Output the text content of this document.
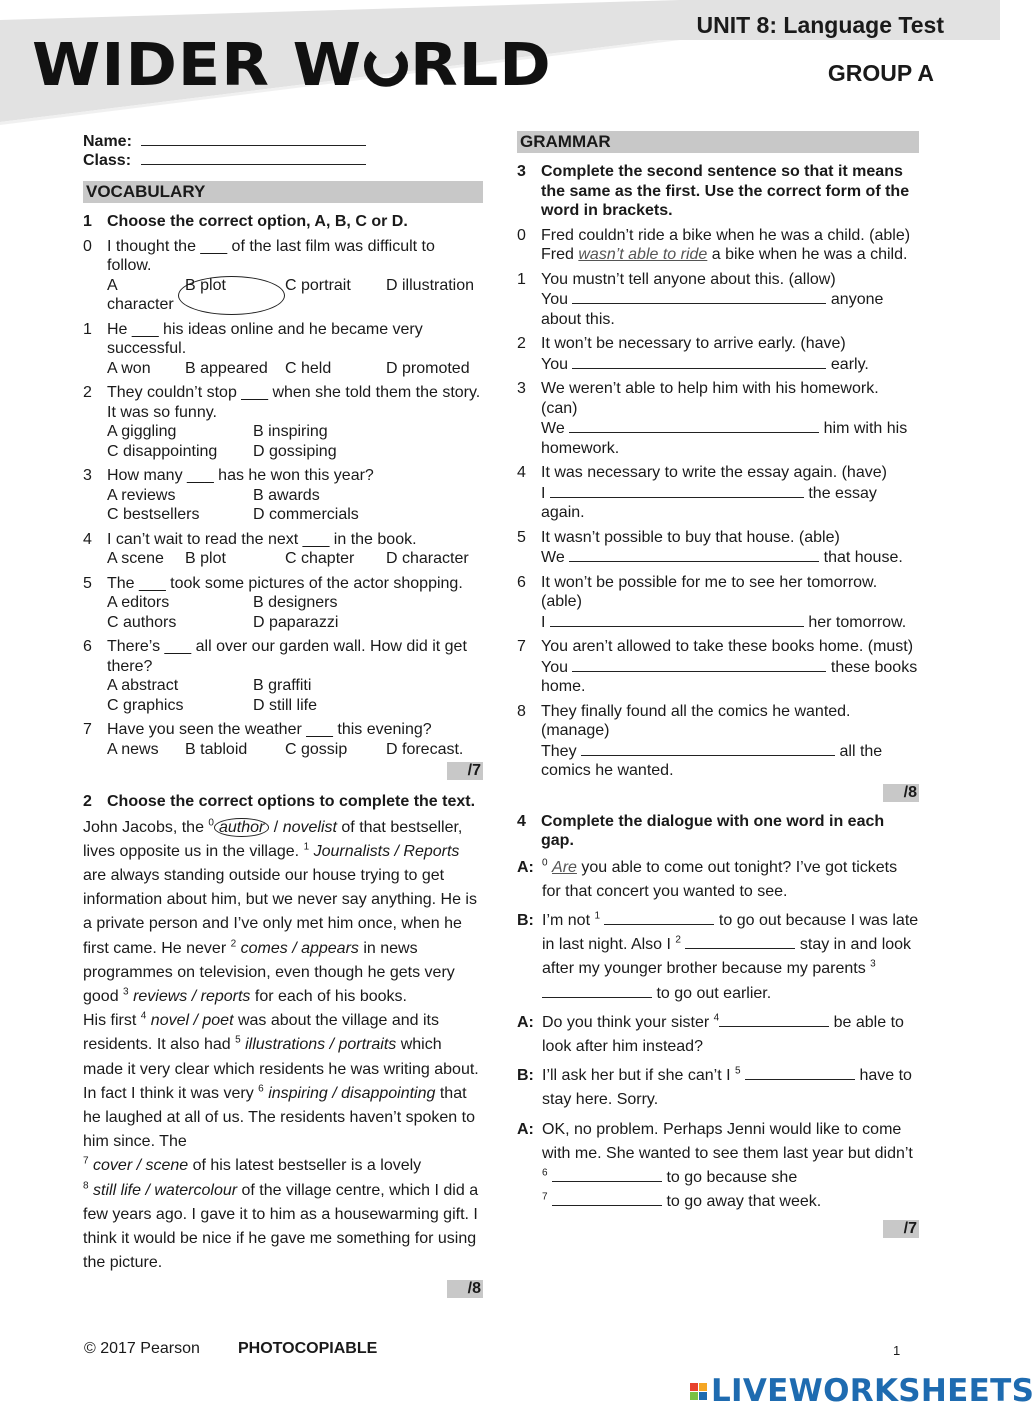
WIDER W RLD
UNIT 8: Language Test
GROUP A
Name:
Class:
VOCABULARY
1 Choose the correct option, A, B, C or D.
0 I thought the ___ of the last film was difficult to follow.
A character
B plot	C portrait	D illustration
1 He ___ his ideas online and he became very successful.
A won	B appeared	C held	D promoted
2 They couldn’t stop ___ when she told them the story. It was so funny.
A giggling	B inspiring
C disappointing	D gossiping
3 How many ___ has he won this year?
A reviews	B awards
C bestsellers	D commercials
4 I can’t wait to read the next ___ in the book.
A scene	B plot	C chapter	D character
5 The ___ took some pictures of the actor shopping.
A editors	B designers
C authors	D paparazzi
6 There’s ___ all over our garden wall. How did it get there?
A abstract	B graffiti
C graphics	D still life
7 Have you seen the weather ___ this evening?
A news	B tabloid	C gossip	D forecast.
/7
2 Choose the correct options to complete the text.
John Jacobs, the $^0$ author / novelist of that bestseller, lives opposite us in the village. $^1$ Journalists / Reports are always standing outside our house trying to get information about him, but we never say anything. He is a private person and I’ve only met him once, when he first came. He never $^2$ comes / appears in news programmes on television, even though he gets very good $^3$ reviews / reports for each of his books.
His first $^4$ novel / poet was about the village and its residents. It also had $^5$ illustrations / portraits which made it very clear which residents he was writing about. In fact I think it was very $^6$ inspiring / disappointing that he laughed at all of us. The residents haven’t spoken to him since. The
$^7$ cover / scene of his latest bestseller is a lovely
$^8$ still life / watercolour of the village centre, which I did a few years ago. I gave it to him as a housewarming gift. I think it would be nice if he gave me something for using the picture.
/8
GRAMMAR
3 Complete the second sentence so that it means the same as the first. Use the correct form of the word in brackets.
0 Fred couldn’t ride a bike when he was a child. (able)
Fred wasn’t able to ride a bike when he was a child.
1 You mustn’t tell anyone about this. (allow)
You	anyone about this.
2 It won’t be necessary to arrive early. (have)
You	early.
3 We weren’t able to help him with his homework. (can)
We	him with his homework.
4 It was necessary to write the essay again. (have)
I	the essay again.
5 It wasn’t possible to buy that house. (able)
We	that house.
6 It won’t be possible for me to see her tomorrow. (able)
I	her tomorrow.
7 You aren’t allowed to take these books home. (must)
You	these books home.
8 They finally found all the comics he wanted. (manage)
They	all the comics he wanted.
/8
4 Complete the dialogue with one word in each gap.
A: $^0$ Are you able to come out tonight? I’ve got tickets for that concert you wanted to see.
B: I’m not $^1$	to go out because I was late in last night. Also I $^2$	stay in and look after my younger brother because my parents $^3$  to go out earlier.
A: Do you think your sister $^4$	be able to look after him instead?
B: I’ll ask her but if she can’t I $^5$	have to stay here. Sorry.
A: OK, no problem. Perhaps Jenni would like to come with me. She wanted to see them last year but didn’t $^6$	to go because she
$^7$	to go away that week.
/7
© 2017 Pearson PHOTOCOPIABLE	1
LIVEWORKSHEETS
